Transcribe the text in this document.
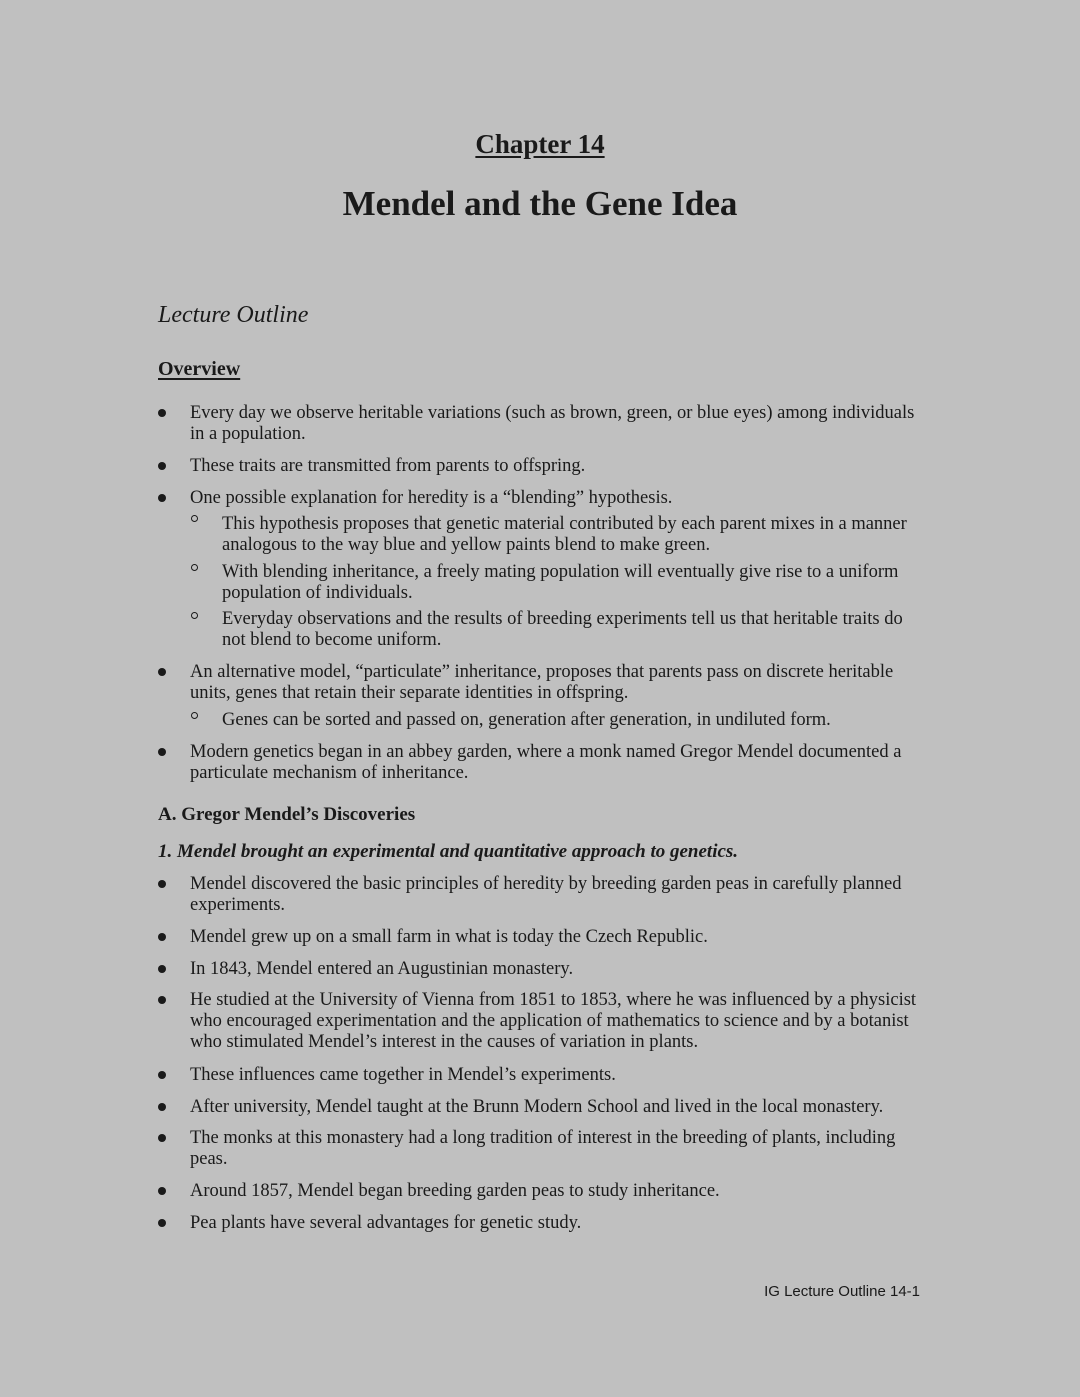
Chapter 14
Mendel and the Gene Idea
Lecture Outline
Overview
Every day we observe heritable variations (such as brown, green, or blue eyes) among individuals in a population.
These traits are transmitted from parents to offspring.
One possible explanation for heredity is a “blending” hypothesis.
This hypothesis proposes that genetic material contributed by each parent mixes in a manner analogous to the way blue and yellow paints blend to make green.
With blending inheritance, a freely mating population will eventually give rise to a uniform population of individuals.
Everyday observations and the results of breeding experiments tell us that heritable traits do not blend to become uniform.
An alternative model, “particulate” inheritance, proposes that parents pass on discrete heritable units, genes that retain their separate identities in offspring.
Genes can be sorted and passed on, generation after generation, in undiluted form.
Modern genetics began in an abbey garden, where a monk named Gregor Mendel documented a particulate mechanism of inheritance.
A. Gregor Mendel’s Discoveries
1. Mendel brought an experimental and quantitative approach to genetics.
Mendel discovered the basic principles of heredity by breeding garden peas in carefully planned experiments.
Mendel grew up on a small farm in what is today the Czech Republic.
In 1843, Mendel entered an Augustinian monastery.
He studied at the University of Vienna from 1851 to 1853, where he was influenced by a physicist who encouraged experimentation and the application of mathematics to science and by a botanist who stimulated Mendel’s interest in the causes of variation in plants.
These influences came together in Mendel’s experiments.
After university, Mendel taught at the Brunn Modern School and lived in the local monastery.
The monks at this monastery had a long tradition of interest in the breeding of plants, including peas.
Around 1857, Mendel began breeding garden peas to study inheritance.
Pea plants have several advantages for genetic study.
IG Lecture Outline 14-1
